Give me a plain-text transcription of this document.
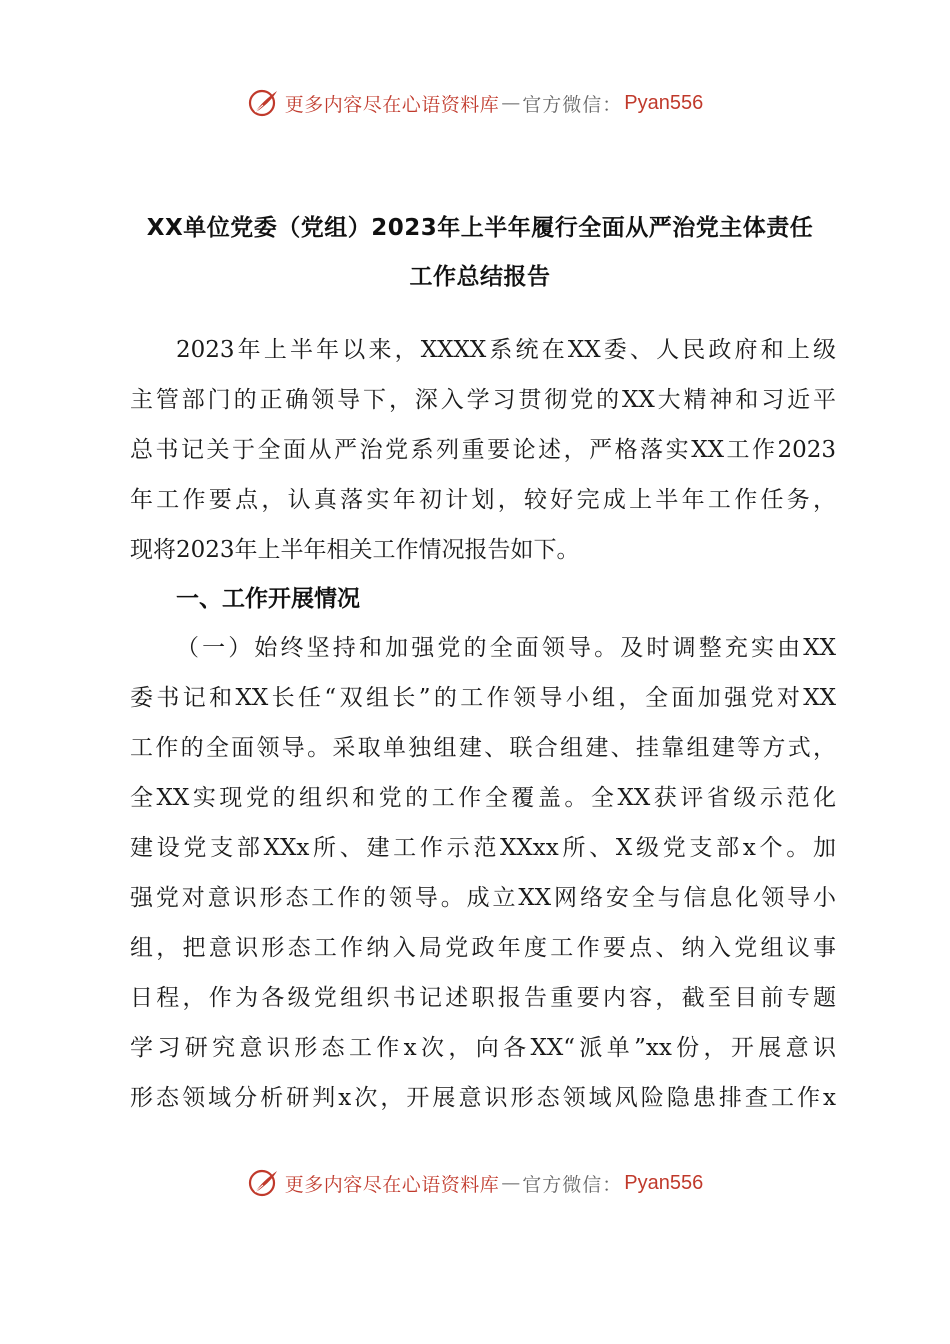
更多内容尽在心语资料库 — 官方微信： Pyan556
XX单位党委（党组）2023年上半年履行全面从严治党主体责任
工作总结报告
2023年上半年以来，XXXX系统在XX委、人民政府和上级
主管部门的正确领导下，深入学习贯彻党的XX大精神和习近平
总书记关于全面从严治党系列重要论述，严格落实XX工作2023
年工作要点，认真落实年初计划，较好完成上半年工作任务，
现将2023年上半年相关工作情况报告如下。
一、工作开展情况
（一）始终坚持和加强党的全面领导。及时调整充实由XX
委书记和XX长任“双组长”的工作领导小组，全面加强党对XX
工作的全面领导。采取单独组建、联合组建、挂靠组建等方式，
全XX实现党的组织和党的工作全覆盖。全XX获评省级示范化
建设党支部XXx所、建工作示范XXxx所、X级党支部x个。加
强党对意识形态工作的领导。成立XX网络安全与信息化领导小
组，把意识形态工作纳入局党政年度工作要点、纳入党组议事
日程，作为各级党组织书记述职报告重要内容，截至目前专题
学习研究意识形态工作x次，向各XX“派单”xx份，开展意识
形态领域分析研判x次，开展意识形态领域风险隐患排查工作x
更多内容尽在心语资料库 — 官方微信： Pyan556
